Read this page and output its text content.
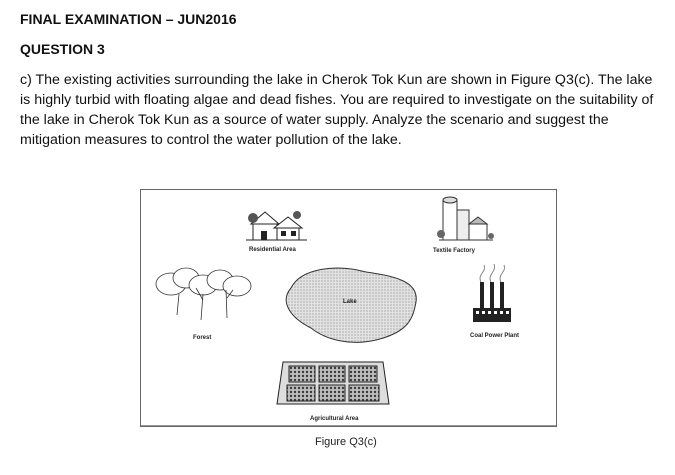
FINAL EXAMINATION – JUN2016
QUESTION 3

c) The existing activities surrounding the lake in Cherok Tok Kun are shown in Figure Q3(c). The lake is highly turbid with floating algae and dead fishes. You are required to investigate on the suitability of the lake in Cherok Tok Kun as a source of water supply. Analyze the scenario and suggest the mitigation measures to control the water pollution of the lake.

Residential Area	Textile Factory
Lake
Forest	Coal Power Plant
Agricultural Area
Figure Q3(c)
